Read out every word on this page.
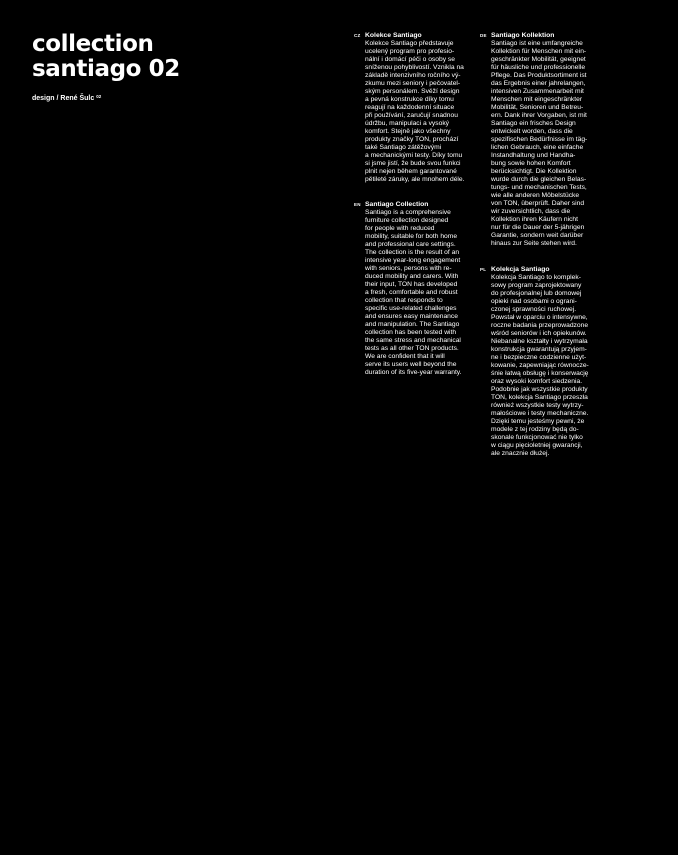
collection
santiago 02
design / René Šulc $^{02}$
CZ Kolekce Santiago

Kolekce Santiago představuje
ucelený program pro profesio-
nální i domácí péči o osoby se
sníženou pohyblivostí. Vznikla na
základě intenzivního ročního vý-
zkumu mezi seniory i pečovatel-
ským personálem. Svěží design
a pevná konstrukce díky tomu
reagují na každodenní situace
při používání, zaručují snadnou
údržbu, manipulaci a vysoký
komfort. Stejně jako všechny
produkty značky TON, prochází
také Santiago zátěžovými
a mechanickými testy. Díky tomu
si jsme jistí, že bude svou funkci
plnit nejen během garantované
pětileté záruky, ale mnohem déle.

EN Santiago Collection

Santiago is a comprehensive
furniture collection designed
for people with reduced
mobility, suitable for both home
and professional care settings.
The collection is the result of an
intensive year-long engagement
with seniors, persons with re-
duced mobility and carers. With
their input, TON has developed
a fresh, comfortable and robust
collection that responds to
specific use-related challenges
and ensures easy maintenance
and manipulation. The Santiago
collection has been tested with
the same stress and mechanical
tests as all other TON products.
We are confident that it will
serve its users well beyond the
duration of its five-year warranty.

DE Santiago Kollektion

Santiago ist eine umfangreiche
Kollektion für Menschen mit ein-
geschränkter Mobilität, geeignet
für häusliche und professionelle
Pflege. Das Produktsortiment ist
das Ergebnis einer jahrelangen,
intensiven Zusammenarbeit mit
Menschen mit eingeschränkter
Mobilität, Senioren und Betreu-
ern. Dank ihrer Vorgaben, ist mit
Santiago ein frisches Design
entwickelt worden, dass die
spezifischen Bedürfnisse im täg-
lichen Gebrauch, eine einfache
Instandhaltung und Handha-
bung sowie hohen Komfort
berücksichtigt. Die Kollektion
wurde durch die gleichen Belas-
tungs- und mechanischen Tests,
wie alle anderen Möbelstücke
von TON, überprüft. Daher sind
wir zuversichtlich, dass die
Kollektion ihren Käufern nicht
nur für die Dauer der 5-jährigen
Garantie, sondern weit darüber
hinaus zur Seite stehen wird.

PL Kolekcja Santiago

Kolekcja Santiago to komplek-
sowy program zaprojektowany
do profesjonalnej lub domowej
opieki nad osobami o ograni-
czonej sprawności ruchowej.
Powstał w oparciu o intensywne,
roczne badania przeprowadzone
wśród seniorów i ich opiekunów.
Niebanalne kształty i wytrzymała
konstrukcja gwarantują przyjem-
ne i bezpieczne codzienne użyt-
kowanie, zapewniając równocze-
śnie łatwą obsługę i konserwację
oraz wysoki komfort siedzenia.
Podobnie jak wszystkie produkty
TON, kolekcja Santiago przeszła
również wszystkie testy wytrzy-
małościowe i testy mechaniczne.
Dzięki temu jesteśmy pewni, że
modele z tej rodziny będą do-
skonale funkcjonować nie tylko
w ciągu pięcioletniej gwarancji,
ale znacznie dłużej.
